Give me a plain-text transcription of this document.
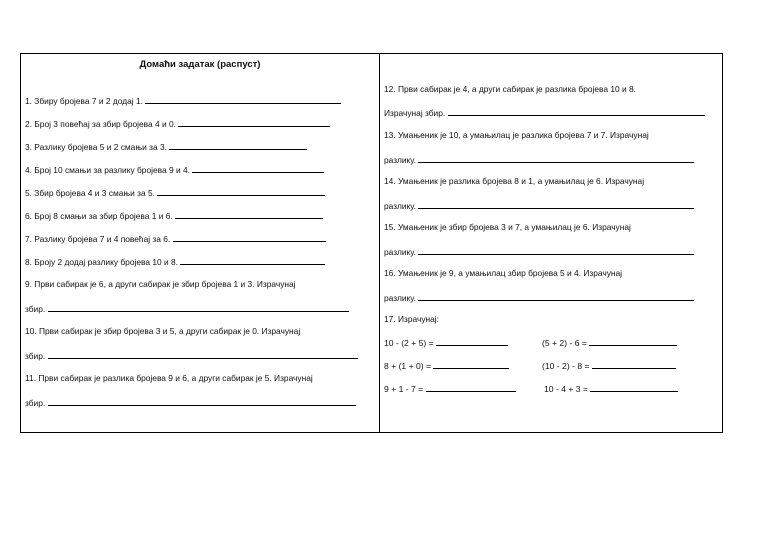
Домаћи задатак (распуст)
1. Збиру бројева 7 и 2 додај 1.
2. Број 3 повећај за збир бројева 4 и 0.
3. Разлику бројева 5 и 2 смањи за 3.
4. Број 10 смањи за разлику бројева 9 и 4.
5. Збир бројева 4 и 3 смањи за 5.
6. Број 8 смањи за збир бројева 1 и 6.
7. Разлику бројева 7 и 4 повећај за 6.
8. Броју 2 додај разлику бројева 10 и 8.
9. Први сабирак је 6, а други сабирак је збир бројева 1 и 3. Израчунај
збир.
10. Први сабирак је збир бројева 3 и 5, а други сабирак је 0. Израчунај
збир.
11. Први сабирак је разлика бројева 9 и 6, а други сабирак је 5. Израчунај
збир.
12. Први сабирак је 4, а други сабирак је разлика бројева 10 и 8.
Израчунај збир.
13. Умањеник је 10, а умањилац је разлика бројева 7 и 7. Израчунај
разлику.
14. Умањеник је разлика бројева 8 и 1, а умањилац је 6. Израчунај
разлику.
15. Умањеник је збир бројева 3 и 7, а умањилац је 6. Израчунај
разлику.
16. Умањеник је 9, а умањилац збир бројева 5 и 4. Израчунај
разлику.
17. Израчунај:
10 - (2 + 5) =	(5 + 2) - 6 =
8 + (1 + 0) =	(10 - 2) - 8 =
9 + 1 - 7 =	10 - 4 + 3 =
